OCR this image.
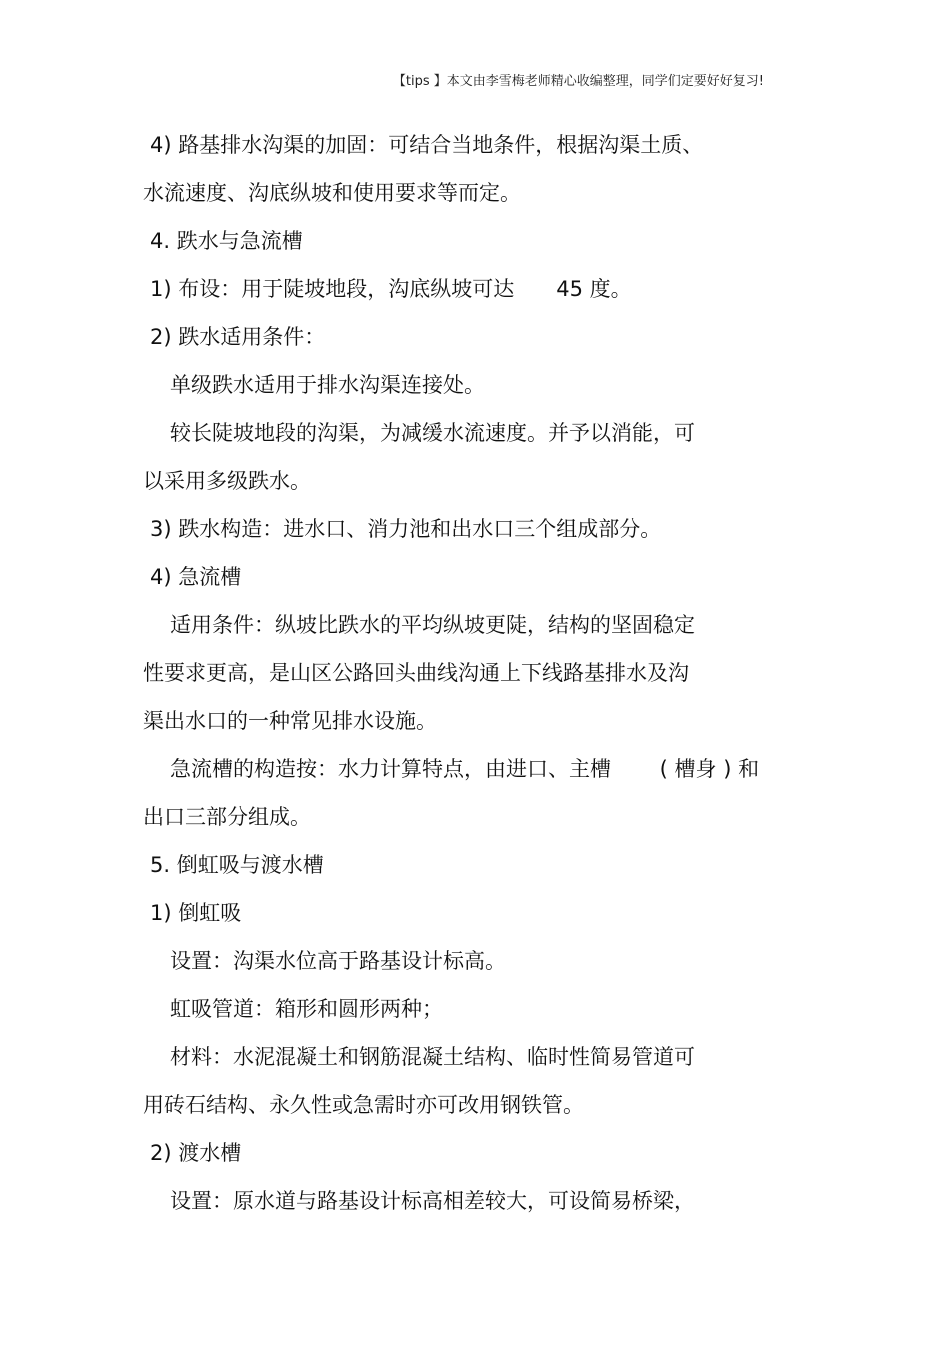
【tips 】本文由李雪梅老师精心收编整理，同学们定要好好复习!
4) 路基排水沟渠的加固：可结合当地条件，根据沟渠土质、
水流速度、沟底纵坡和使用要求等而定。
4. 跌水与急流槽
1) 布设：用于陡坡地段，沟底纵坡可达　　45 度。
2) 跌水适用条件：
单级跌水适用于排水沟渠连接处。
较长陡坡地段的沟渠，为减缓水流速度。并予以消能，可
以采用多级跌水。
3) 跌水构造：进水口、消力池和出水口三个组成部分。
4) 急流槽
适用条件：纵坡比跌水的平均纵坡更陡，结构的坚固稳定
性要求更高，是山区公路回头曲线沟通上下线路基排水及沟
渠出水口的一种常见排水设施。
急流槽的构造按：水力计算特点，由进口、主槽　　 ( 槽身 ) 和
出口三部分组成。
5. 倒虹吸与渡水槽
1) 倒虹吸
设置：沟渠水位高于路基设计标高。
虹吸管道：箱形和圆形两种；
材料：水泥混凝土和钢筋混凝土结构、临时性简易管道可
用砖石结构、永久性或急需时亦可改用钢铁管。
2) 渡水槽
设置：原水道与路基设计标高相差较大，可设简易桥梁，
